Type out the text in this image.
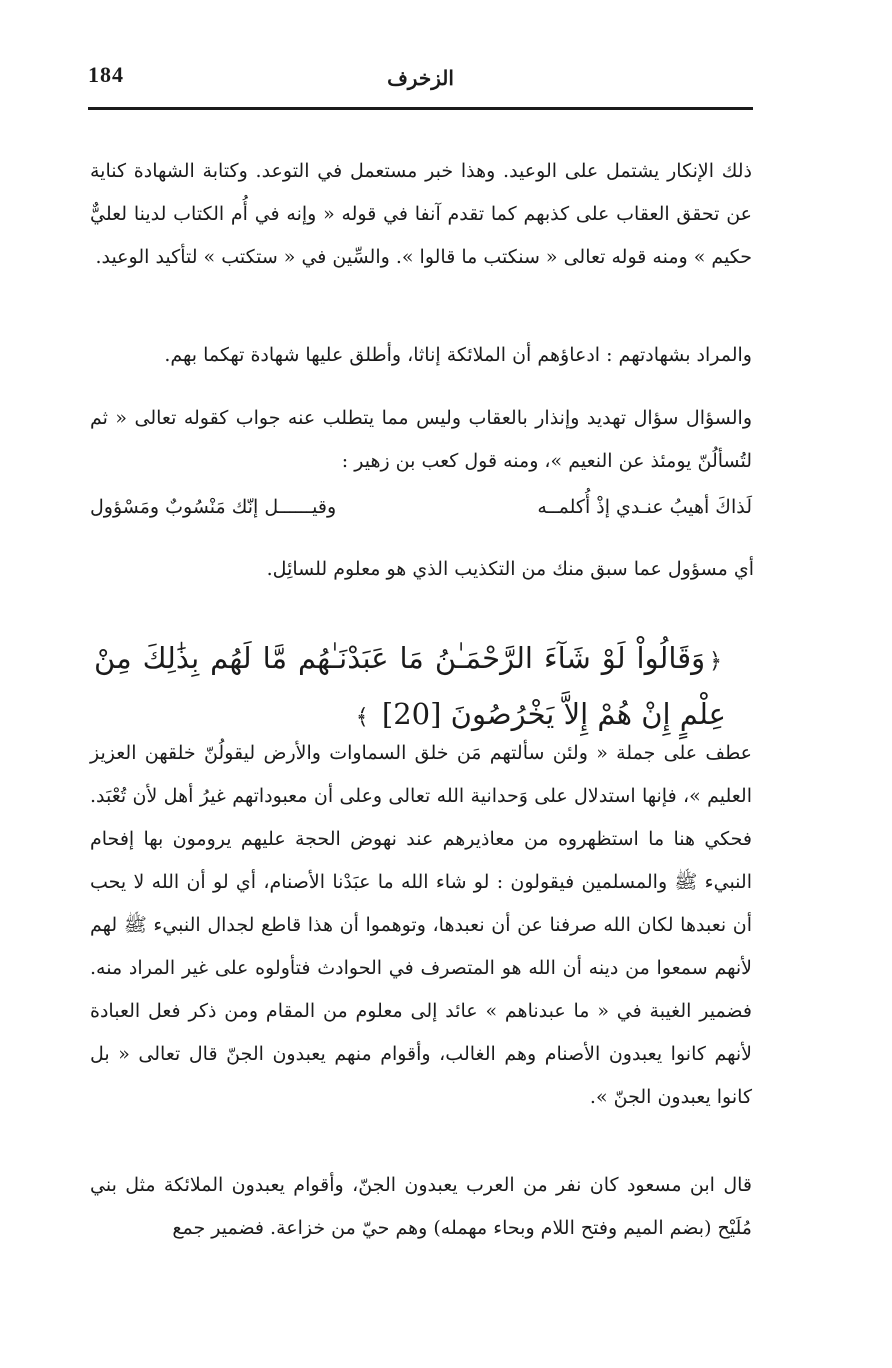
184	الزخرف

ذلك الإنكار يشتمل على الوعيد. وهذا خبر مستعمل في التوعد. وكتابة الشهادة كناية عن تحقق العقاب على كذبهم كما تقدم آنفا في قوله « وإنه في أُم الكتاب لدينا لعليٌّ حكيم » ومنه قوله تعالى « سنكتب ما قالوا ». والسِّين في « ستكتب » لتأكيد الوعيد.

والمراد بشهادتهم : ادعاؤهم أن الملائكة إناثا، وأطلق عليها شهادة تهكما بهم.

والسؤال سؤال تهديد وإنذار بالعقاب وليس مما يتطلب عنه جواب كقوله تعالى « ثم لتُسألُنّ يومئذ عن النعيم »، ومنه قول كعب بن زهير :

لَذاكَ أهيبُ عنـدي إذْ أُكلمــه
وقيــــــل إنّك مَنْسُوبٌ ومَسْؤول
أي مسؤول عما سبق منك من التكذيب الذي هو معلوم للسائِل.
﴿وَقَالُواْ لَوْ شَآءَ الرَّحْمَـٰنُ مَا عَبَدْنَـٰهُم مَّا لَهُم بِذَٰلِكَ مِنْ عِلْمٍ إِنْ هُمْ إِلاَّ يَخْرُصُونَ [20] ﴾

عطف على جملة « ولئن سألتهم مَن خلق السماوات والأرض ليقولُنّ خلقهن العزيز العليم »، فإنها استدلال على وَحدانية الله تعالى وعلى أن معبوداتهم غيرُ أهل لأن تُعْبَد. فحكي هنا ما استظهروه من معاذيرهم عند نهوض الحجة عليهم يرومون بها إفحام النبيء ﷺ والمسلمين فيقولون : لو شاء الله ما عبَدْنا الأصنام، أي لو أن الله لا يحب أن نعبدها لكان الله صرفنا عن أن نعبدها، وتوهموا أن هذا قاطع لجدال النبيء ﷺ لهم لأنهم سمعوا من دينه أن الله هو المتصرف في الحوادث فتأولوه على غير المراد منه. فضمير الغيبة في « ما عبدناهم » عائد إلى معلوم من المقام ومن ذكر فعل العبادة لأنهم كانوا يعبدون الأصنام وهم الغالب، وأقوام منهم يعبدون الجنّ قال تعالى « بل كانوا يعبدون الجنّ ».

قال ابن مسعود كان نفر من العرب يعبدون الجنّ، وأقوام يعبدون الملائكة مثل بني مُلَيْح (بضم الميم وفتح اللام وبحاء مهمله) وهم حيّ من خزاعة. فضمير جمع
